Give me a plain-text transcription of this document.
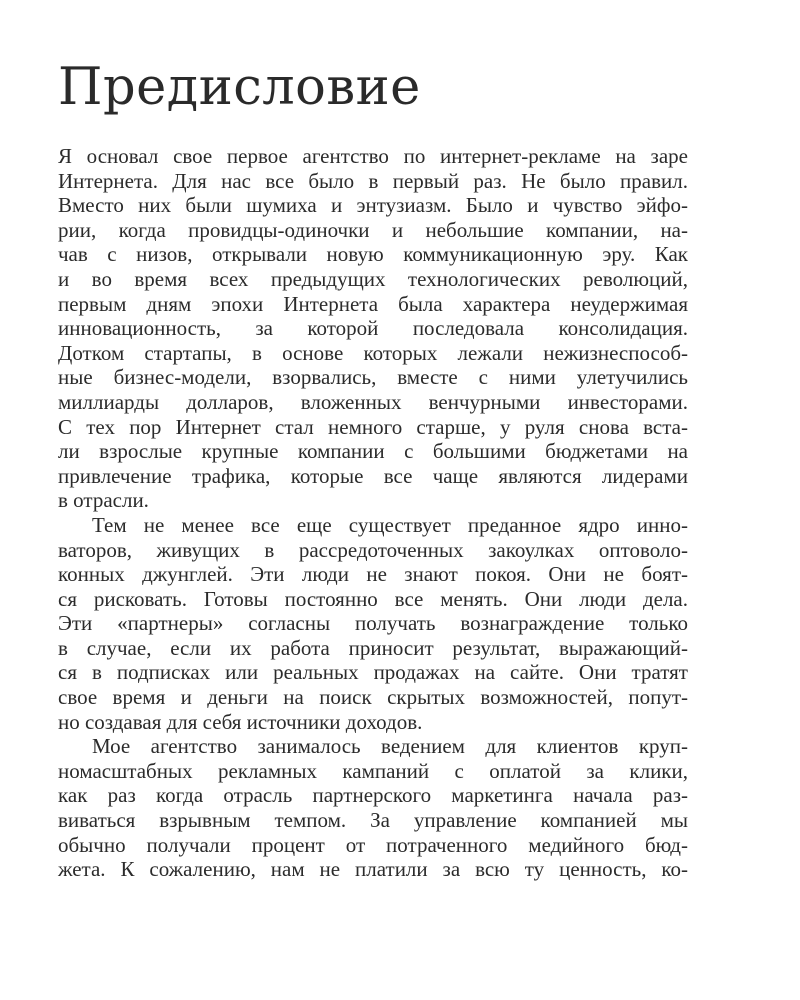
Предисловие

Я основал свое первое агентство по интернет-рекламе на заре
Интернета. Для нас все было в первый раз. Не было правил.
Вместо них были шумиха и энтузиазм. Было и чувство эйфо-
рии, когда провидцы-одиночки и небольшие компании, на-
чав с низов, открывали новую коммуникационную эру. Как
и во время всех предыдущих технологических революций,
первым дням эпохи Интернета была характера неудержимая
инновационность, за которой последовала консолидация.
Дотком стартапы, в основе которых лежали нежизнеспособ-
ные бизнес-модели, взорвались, вместе с ними улетучились
миллиарды долларов, вложенных венчурными инвесторами.
С тех пор Интернет стал немного старше, у руля снова вста-
ли взрослые крупные компании с большими бюджетами на
привлечение трафика, которые все чаще являются лидерами
в отрасли.

Тем не менее все еще существует преданное ядро инно-
ваторов, живущих в рассредоточенных закоулках оптоволо-
конных джунглей. Эти люди не знают покоя. Они не боят-
ся рисковать. Готовы постоянно все менять. Они люди дела.
Эти «партнеры» согласны получать вознаграждение только
в случае, если их работа приносит результат, выражающий-
ся в подписках или реальных продажах на сайте. Они тратят
свое время и деньги на поиск скрытых возможностей, попут-
но создавая для себя источники доходов.

Мое агентство занималось ведением для клиентов круп-
номасштабных рекламных кампаний с оплатой за клики,
как раз когда отрасль партнерского маркетинга начала раз-
виваться взрывным темпом. За управление компанией мы
обычно получали процент от потраченного медийного бюд-
жета. К сожалению, нам не платили за всю ту ценность, ко-
